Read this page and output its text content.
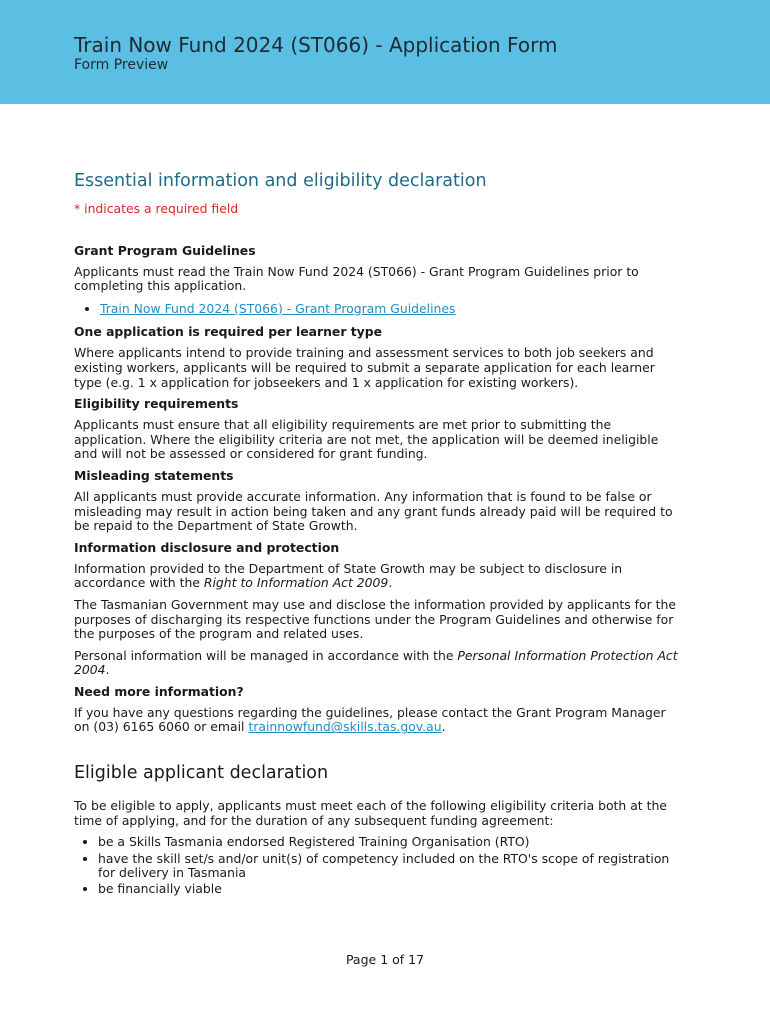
Train Now Fund 2024 (ST066) - Application Form
Form Preview
Essential information and eligibility declaration
* indicates a required field
Grant Program Guidelines

Applicants must read the Train Now Fund 2024 (ST066) - Grant Program Guidelines prior to completing this application.

• Train Now Fund 2024 (ST066) - Grant Program Guidelines
One application is required per learner type

Where applicants intend to provide training and assessment services to both job seekers and existing workers, applicants will be required to submit a separate application for each learner type (e.g. 1 x application for jobseekers and 1 x application for existing workers).

Eligibility requirements

Applicants must ensure that all eligibility requirements are met prior to submitting the application. Where the eligibility criteria are not met, the application will be deemed ineligible and will not be assessed or considered for grant funding.

Misleading statements

All applicants must provide accurate information. Any information that is found to be false or misleading may result in action being taken and any grant funds already paid will be required to be repaid to the Department of State Growth.

Information disclosure and protection

Information provided to the Department of State Growth may be subject to disclosure in accordance with the Right to Information Act 2009.

The Tasmanian Government may use and disclose the information provided by applicants for the purposes of discharging its respective functions under the Program Guidelines and otherwise for the purposes of the program and related uses.

Personal information will be managed in accordance with the Personal Information Protection Act 2004.

Need more information?

If you have any questions regarding the guidelines, please contact the Grant Program Manager on (03) 6165 6060 or email trainnowfund@skills.tas.gov.au.

Eligible applicant declaration

To be eligible to apply, applicants must meet each of the following eligibility criteria both at the time of applying, and for the duration of any subsequent funding agreement:

• be a Skills Tasmania endorsed Registered Training Organisation (RTO)
• have the skill set/s and/or unit(s) of competency included on the RTO's scope of registration for delivery in Tasmania
• be financially viable
Page 1 of 17
